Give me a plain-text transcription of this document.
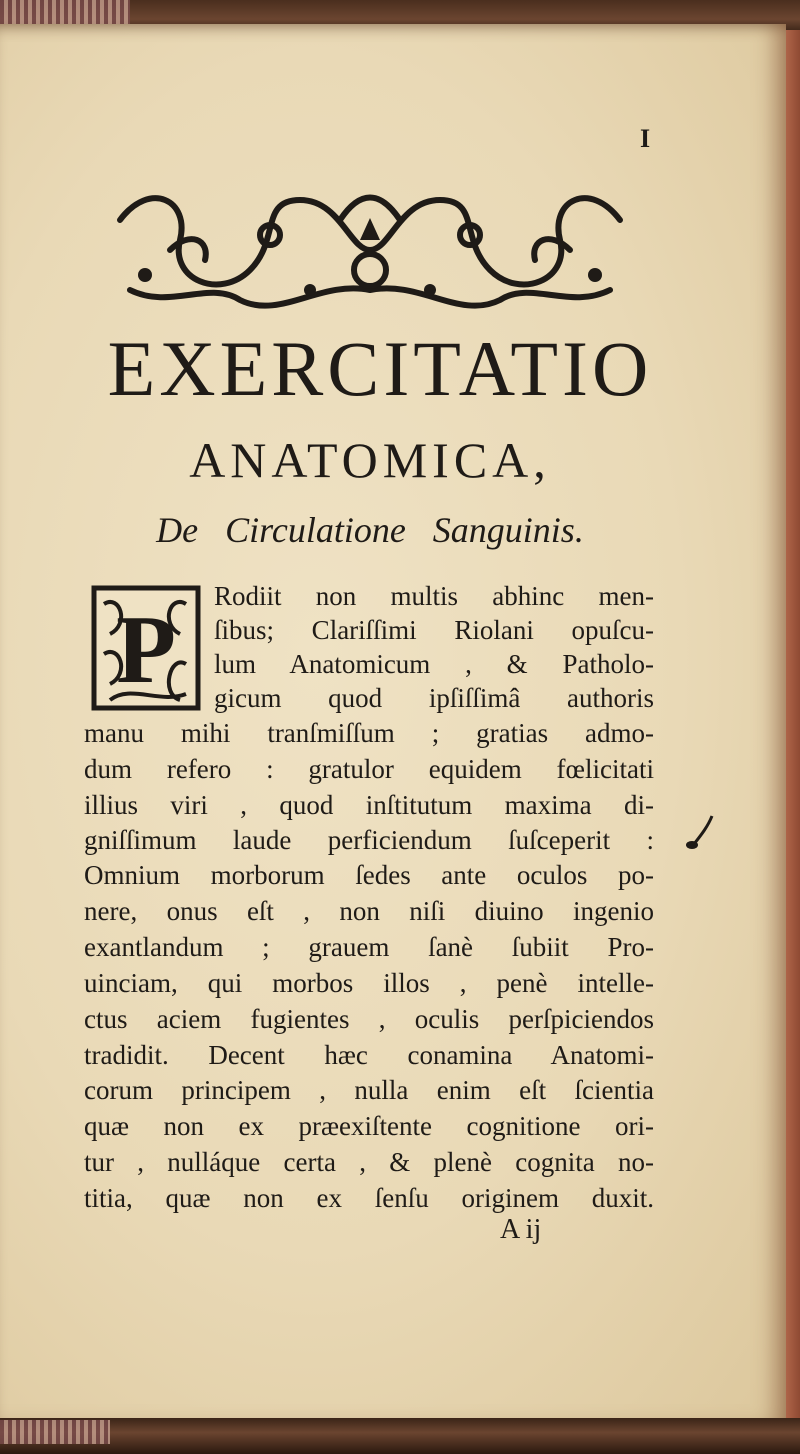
I
EXERCITATIO
ANATOMICA,
De Circulatione Sanguinis.
P Rodiit non multis abhinc men-
ſibus; Clariſſimi Riolani opuſcu-
lum Anatomicum , & Patholo-
gicum quod ipſiſſimâ authoris
manu mihi tranſmiſſum ; gratias admo-
dum refero : gratulor equidem fœlicitati
illius viri , quod inſtitutum maxima di-
gniſſimum laude perficiendum ſuſceperit :
Omnium morborum ſedes ante oculos po-
nere, onus eſt , non niſi diuino ingenio
exantlandum ; grauem ſanè ſubiit Pro-
uinciam, qui morbos illos , penè intelle-
ctus aciem fugientes , oculis perſpiciendos
tradidit. Decent hæc conamina Anatomi-
corum principem , nulla enim eſt ſcientia
quæ non ex præexiſtente cognitione ori-
tur , nulláque certa , & plenè cognita no-
titia, quæ non ex ſenſu originem duxit.
A ij
